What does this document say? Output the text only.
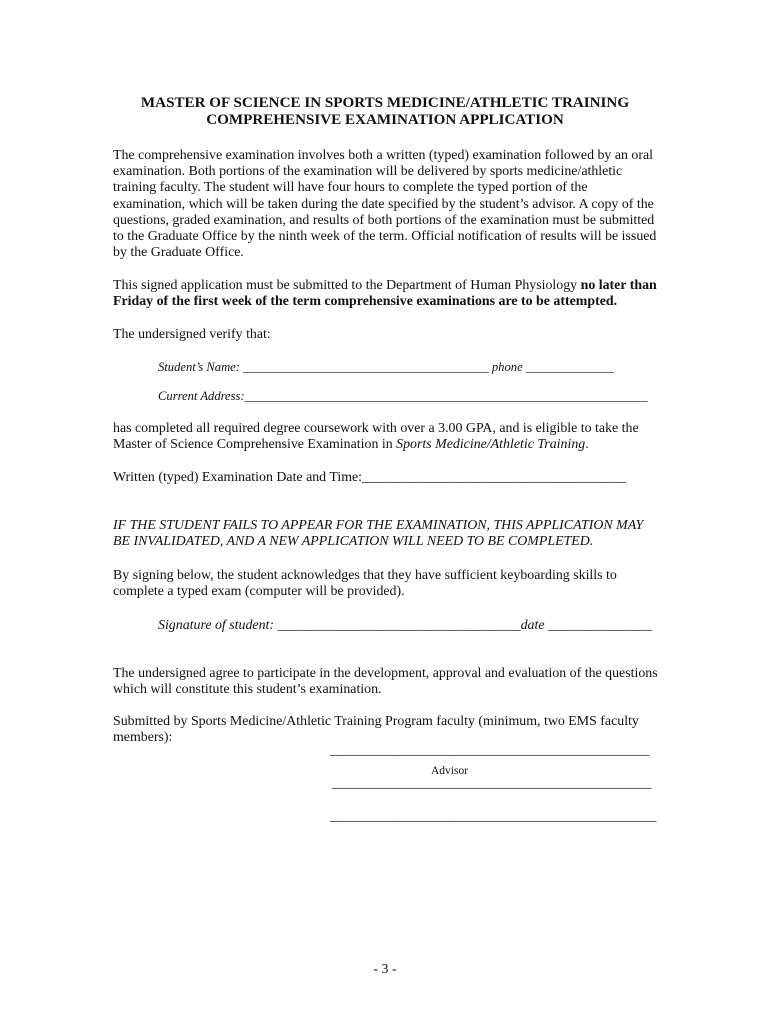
MASTER OF SCIENCE IN SPORTS MEDICINE/ATHLETIC TRAINING
COMPREHENSIVE EXAMINATION APPLICATION
The comprehensive examination involves both a written (typed) examination followed by an oral
examination. Both portions of the examination will be delivered by sports medicine/athletic
training faculty. The student will have four hours to complete the typed portion of the
examination, which will be taken during the date specified by the student’s advisor. A copy of the
questions, graded examination, and results of both portions of the examination must be submitted
to the Graduate Office by the ninth week of the term. Official notification of results will be issued
by the Graduate Office.
This signed application must be submitted to the Department of Human Physiology no later than
Friday of the first week of the term comprehensive examinations are to be attempted.
The undersigned verify that:
Student’s Name: _______________________________________ phone ______________
Current Address:________________________________________________________________
has completed all required degree coursework with over a 3.00 GPA, and is eligible to take the
Master of Science Comprehensive Examination in Sports Medicine/Athletic Training.
Written (typed) Examination Date and Time:______________________________________
IF THE STUDENT FAILS TO APPEAR FOR THE EXAMINATION, THIS APPLICATION MAY
BE INVALIDATED, AND A NEW APPLICATION WILL NEED TO BE COMPLETED.
By signing below, the student acknowledges that they have sufficient keyboarding skills to
complete a typed exam (computer will be provided).
Signature of student: ___________________________________date _______________
The undersigned agree to participate in the development, approval and evaluation of the questions
which will constitute this student’s examination.
Submitted by Sports Medicine/Athletic Training Program faculty (minimum, two EMS faculty
members):
______________________________________________
Advisor
______________________________________________
_______________________________________________
- 3 -
